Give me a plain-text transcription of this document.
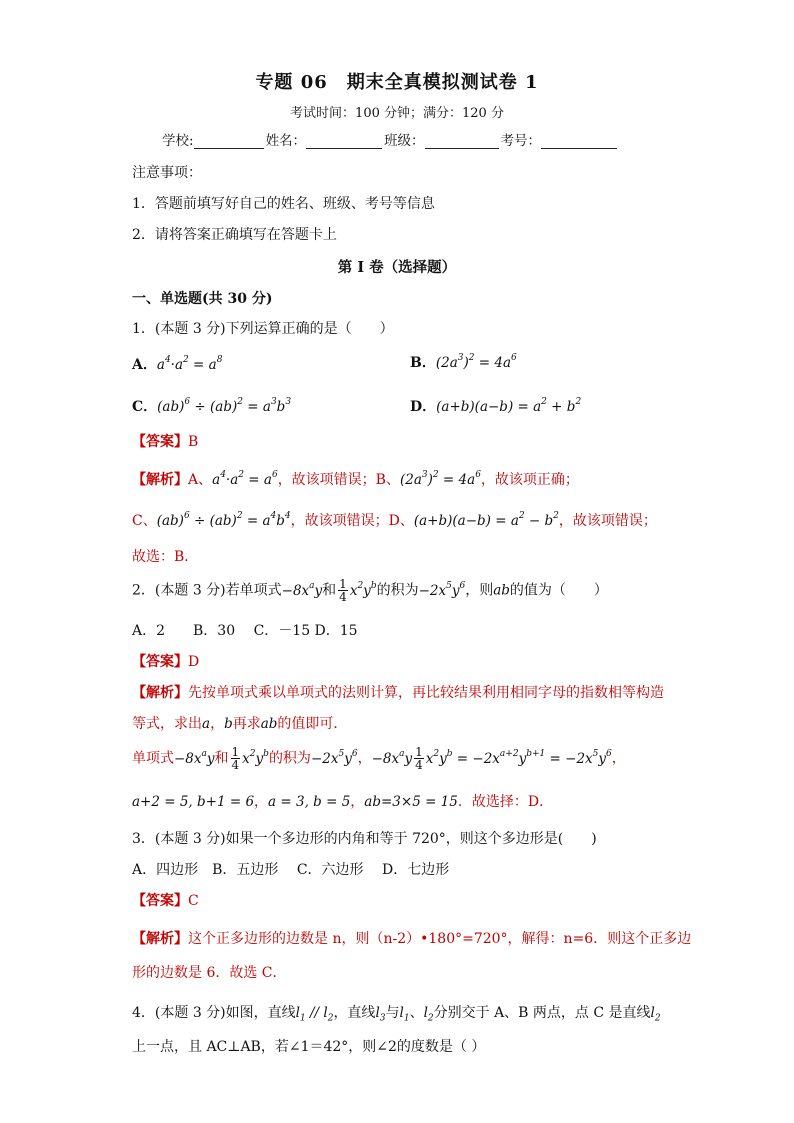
专题 06　期末全真模拟测试卷 1
考试时间：100 分钟；满分：120 分
学校:	姓名：	班级：	考号：
注意事项：
1．答题前填写好自己的姓名、班级、考号等信息
2．请将答案正确填写在答题卡上
第 I 卷（选择题）
一、单选题(共 30 分)
1．(本题 3 分)下列运算正确的是（　　）
A．$a^4\cdot a^2 = a^8$	B．$(2a^3)^2 = 4a^6$
C．$(ab)^6 \div (ab)^2 = a^3b^3$	D．$(a+b)(a-b) = a^2 + b^2$
【答案】B
【解析】A、$a^4\cdot a^2 = a^6$，故该项错误；B、$(2a^3)^2 = 4a^6$，故该项正确；
C、$(ab)^6 \div (ab)^2 = a^4b^4$，故该项错误；D、$(a+b)(a-b) = a^2 - b^2$，故该项错误；
故选：B．
2．(本题 3 分)若单项式$-8x^ay$和 $\frac{1}{4} x^2y^b$的积为$-2x^5y^6$，则ab的值为（　　）
A．2　　B．30　 C．－15 D．15
【答案】D
【解析】先按单项式乘以单项式的法则计算，再比较结果利用相同字母的指数相等构造
等式，求出a，b再求ab的值即可．
单项式$-8x^ay$和 $\frac{1}{4} x^2y^b$的积为$-2x^5y^6$，$-8x^ay \frac{1}{4} x^2y^b = -2x^{a+2}y^{b+1} = -2x^5y^6$，
a+2 = 5, b+1 = 6，a = 3, b = 5，ab=3×5 = 15．故选择：D．
3．(本题 3 分)如果一个多边形的内角和等于 720°，则这个多边形是(　　)
A．四边形　B．五边形　 C．六边形　 D．七边形
【答案】C
【解析】这个正多边形的边数是 n，则（n-2）•180°=720°，解得：n=6．则这个正多边
形的边数是 6．故选 C．
4．(本题 3 分)如图，直线$l_1 // l_2$，直线$l_3$与$l_1$、$l_2$分别交于 A、B 两点，点 C 是直线$l_2$
上一点，且 AC⊥AB，若∠1＝42°，则∠2的度数是（ ）
